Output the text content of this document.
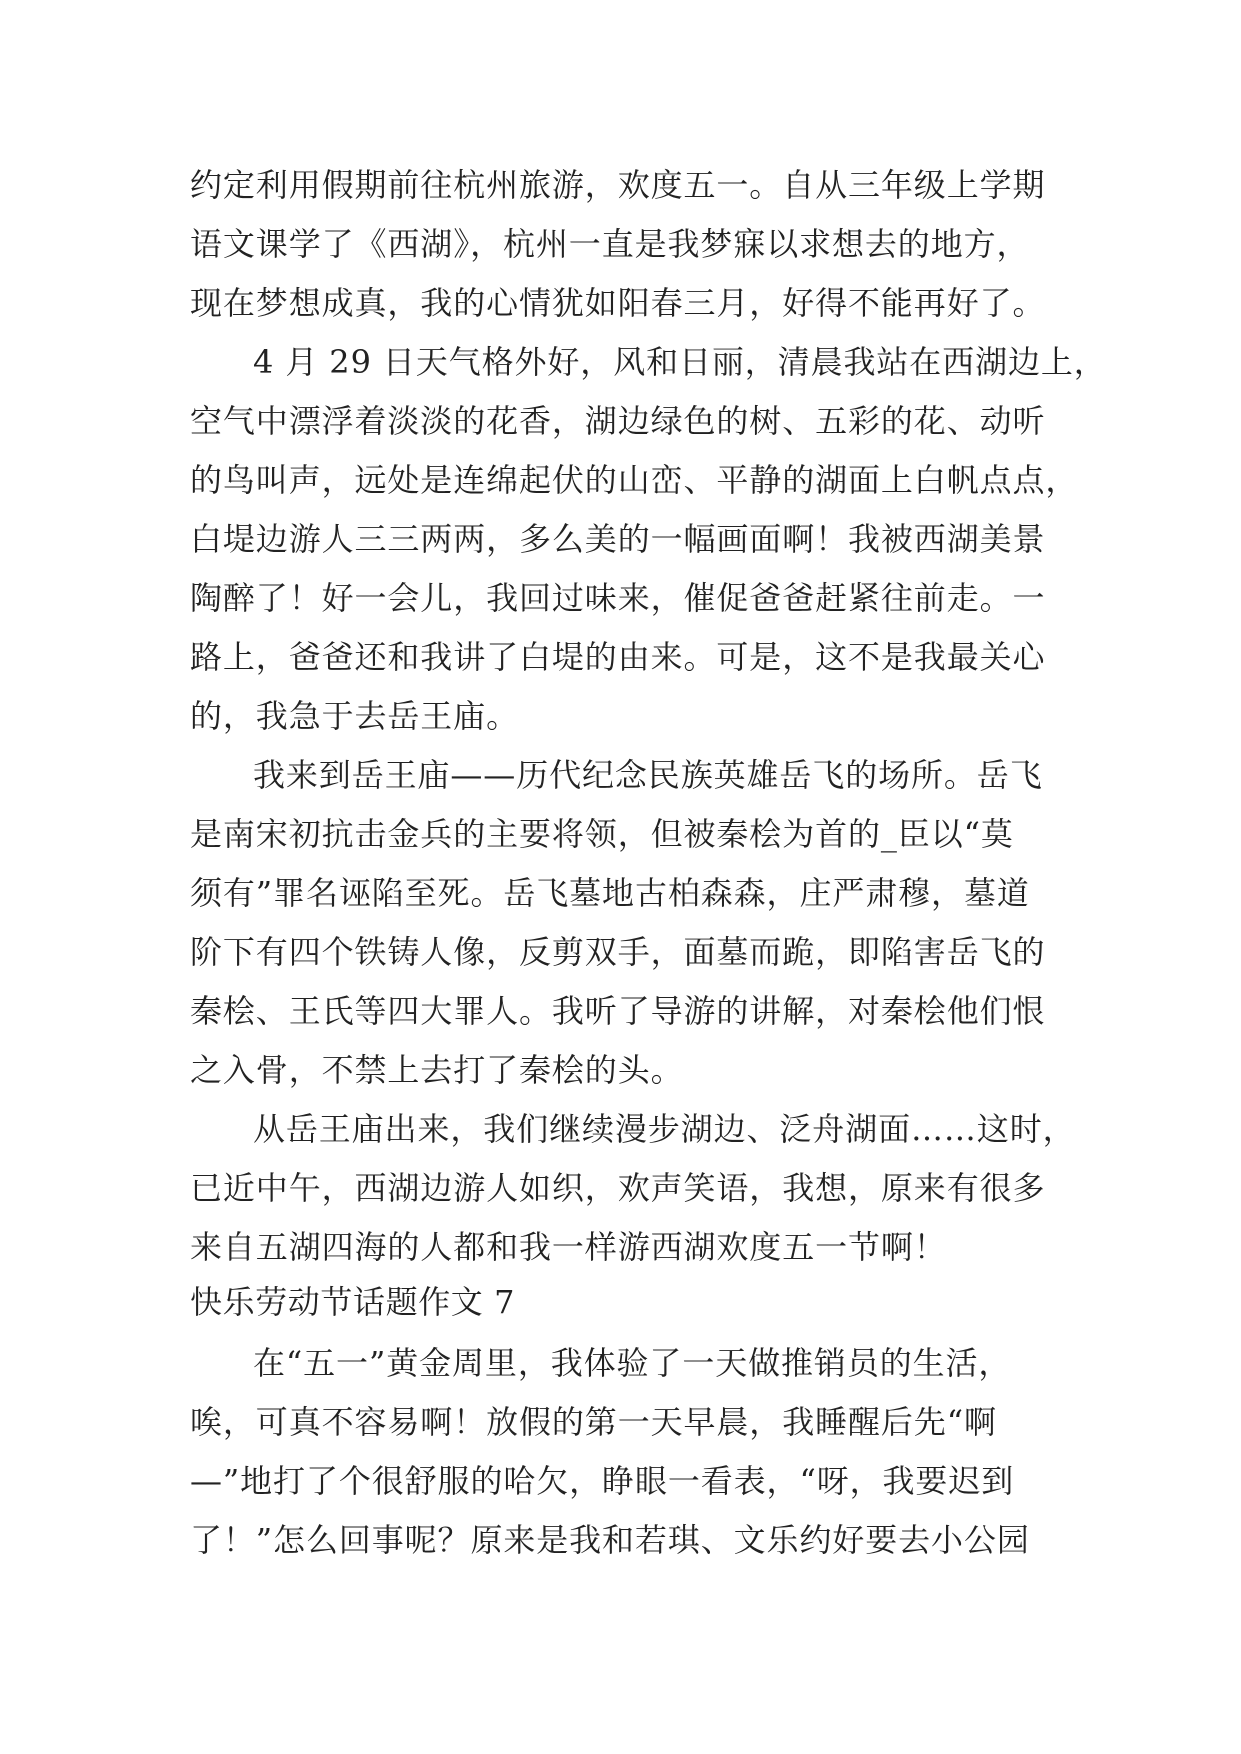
约定利用假期前往杭州旅游，欢度五一。自从三年级上学期
语文课学了《西湖》，杭州一直是我梦寐以求想去的地方，
现在梦想成真，我的心情犹如阳春三月，好得不能再好了。
4 月 29 日天气格外好，风和日丽，清晨我站在西湖边上，
空气中漂浮着淡淡的花香，湖边绿色的树、五彩的花、动听
的鸟叫声，远处是连绵起伏的山峦、平静的湖面上白帆点点，
白堤边游人三三两两，多么美的一幅画面啊！我被西湖美景
陶醉了！好一会儿，我回过味来，催促爸爸赶紧往前走。一
路上，爸爸还和我讲了白堤的由来。可是，这不是我最关心
的，我急于去岳王庙。
我来到岳王庙——历代纪念民族英雄岳飞的场所。岳飞
是南宋初抗击金兵的主要将领，但被秦桧为首的_臣以“莫
须有”罪名诬陷至死。岳飞墓地古柏森森，庄严肃穆，墓道
阶下有四个铁铸人像，反剪双手，面墓而跪，即陷害岳飞的
秦桧、王氏等四大罪人。我听了导游的讲解，对秦桧他们恨
之入骨，不禁上去打了秦桧的头。
从岳王庙出来，我们继续漫步湖边、泛舟湖面……这时，
已近中午，西湖边游人如织，欢声笑语，我想，原来有很多
来自五湖四海的人都和我一样游西湖欢度五一节啊！
快乐劳动节话题作文 7
在“五一”黄金周里，我体验了一天做推销员的生活，
唉，可真不容易啊！放假的第一天早晨，我睡醒后先“啊
—”地打了个很舒服的哈欠，睁眼一看表，“呀，我要迟到
了！”怎么回事呢？原来是我和若琪、文乐约好要去小公园
